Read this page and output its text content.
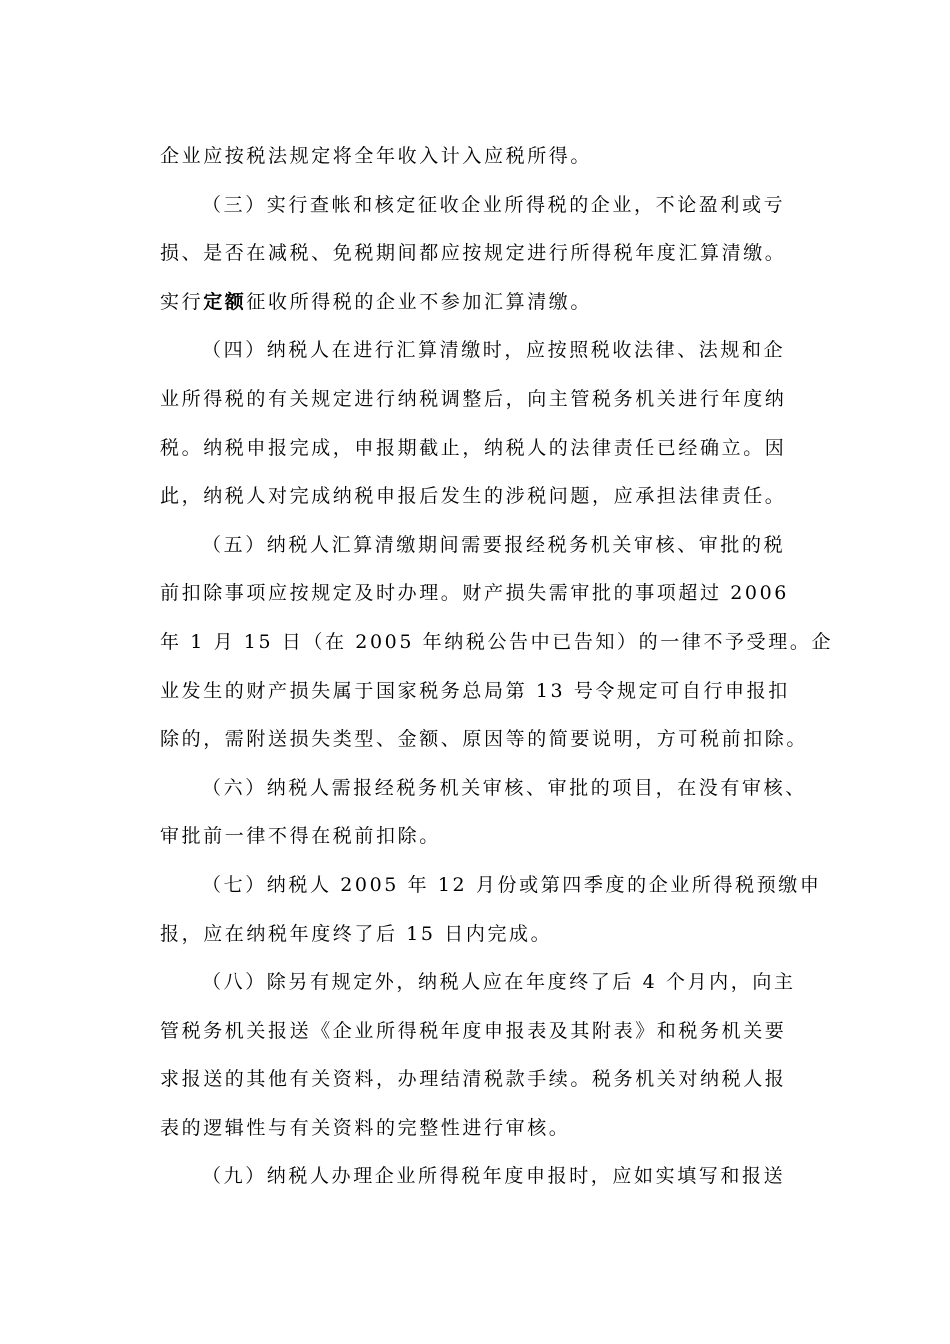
企业应按税法规定将全年收入计入应税所得。
（三）实行查帐和核定征收企业所得税的企业，不论盈利或亏
损、是否在减税、免税期间都应按规定进行所得税年度汇算清缴。
实行定额征收所得税的企业不参加汇算清缴。
（四）纳税人在进行汇算清缴时，应按照税收法律、法规和企
业所得税的有关规定进行纳税调整后，向主管税务机关进行年度纳
税。纳税申报完成，申报期截止，纳税人的法律责任已经确立。因
此，纳税人对完成纳税申报后发生的涉税问题，应承担法律责任。
（五）纳税人汇算清缴期间需要报经税务机关审核、审批的税
前扣除事项应按规定及时办理。财产损失需审批的事项超过 2006
年 1 月 15 日（在 2005 年纳税公告中已告知）的一律不予受理。企
业发生的财产损失属于国家税务总局第 13 号令规定可自行申报扣
除的，需附送损失类型、金额、原因等的简要说明，方可税前扣除。
（六）纳税人需报经税务机关审核、审批的项目，在没有审核、
审批前一律不得在税前扣除。
（七）纳税人 2005 年 12 月份或第四季度的企业所得税预缴申
报，应在纳税年度终了后 15 日内完成。
（八）除另有规定外，纳税人应在年度终了后 4 个月内，向主
管税务机关报送《企业所得税年度申报表及其附表》和税务机关要
求报送的其他有关资料，办理结清税款手续。税务机关对纳税人报
表的逻辑性与有关资料的完整性进行审核。
（九）纳税人办理企业所得税年度申报时，应如实填写和报送
